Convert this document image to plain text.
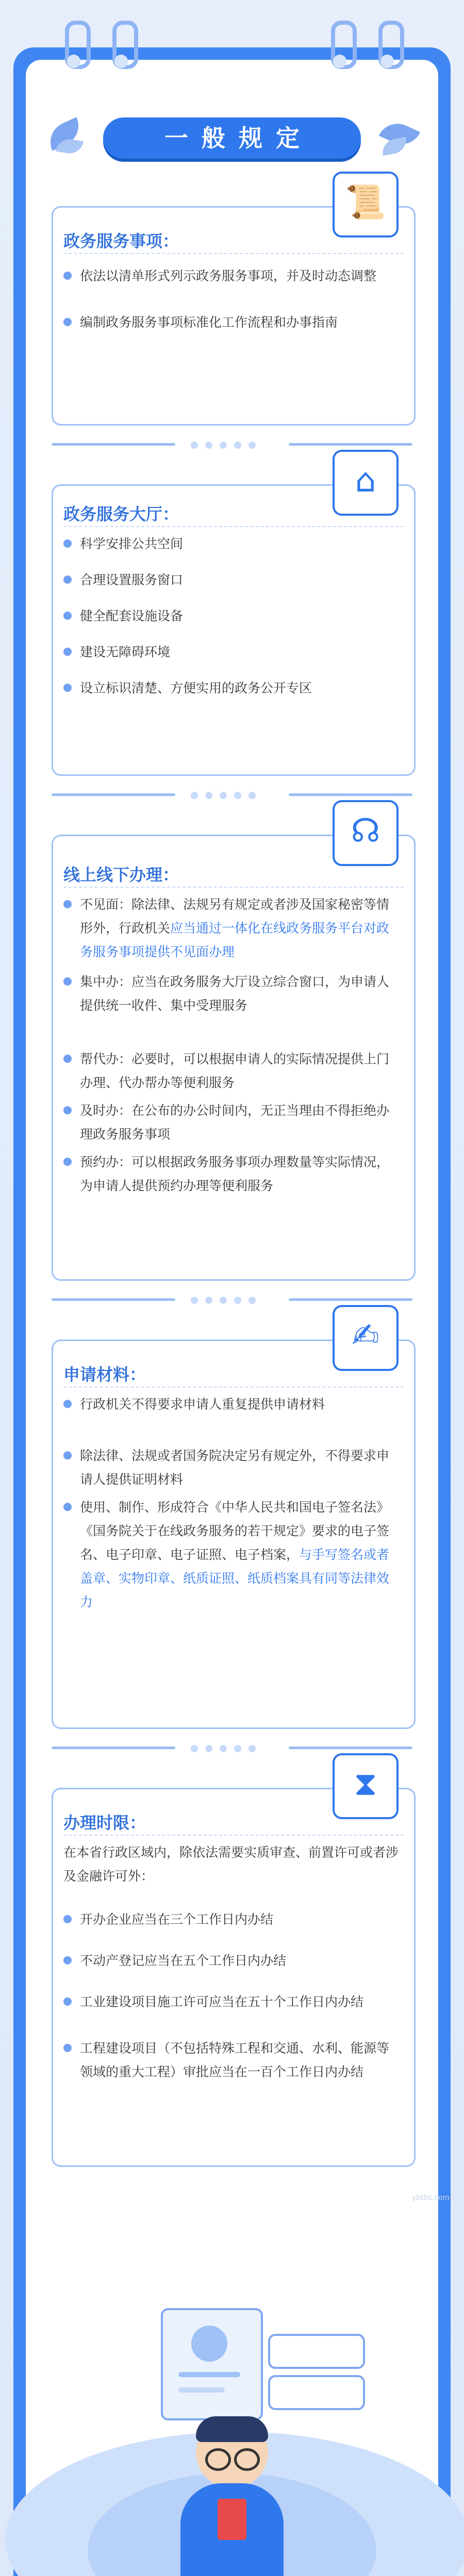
一般规定
📜
政务服务事项：
依法以清单形式列示政务服务事项，并及时动态调整
编制政务服务事项标准化工作流程和办事指南
⌂
政务服务大厅：
科学安排公共空间
合理设置服务窗口
健全配套设施设备
建设无障碍环境
设立标识清楚、方便实用的政务公开专区
☊
线上线下办理：
不见面：除法律、法规另有规定或者涉及国家秘密等情形外，行政机关应当通过一体化在线政务服务平台对政务服务事项提供不见面办理
集中办：应当在政务服务大厅设立综合窗口，为申请人提供统一收件、集中受理服务
帮代办：必要时，可以根据申请人的实际情况提供上门办理、代办帮办等便利服务
及时办：在公布的办公时间内，无正当理由不得拒绝办理政务服务事项
预约办：可以根据政务服务事项办理数量等实际情况，为申请人提供预约办理等便利服务
✍
申请材料：
行政机关不得要求申请人重复提供申请材料
除法律、法规或者国务院决定另有规定外，不得要求申请人提供证明材料
使用、制作、形成符合《中华人民共和国电子签名法》《国务院关于在线政务服务的若干规定》要求的电子签名、电子印章、电子证照、电子档案，与手写签名或者盖章、实物印章、纸质证照、纸质档案具有同等法律效力
⧗
办理时限：
在本省行政区域内，除依法需要实质审查、前置许可或者涉及金融许可外：
开办企业应当在三个工作日内办结
不动产登记应当在五个工作日内办结
工业建设项目施工许可应当在五十个工作日内办结
工程建设项目（不包括特殊工程和交通、水利、能源等领域的重大工程）审批应当在一百个工作日内办结
ybtbs.com
